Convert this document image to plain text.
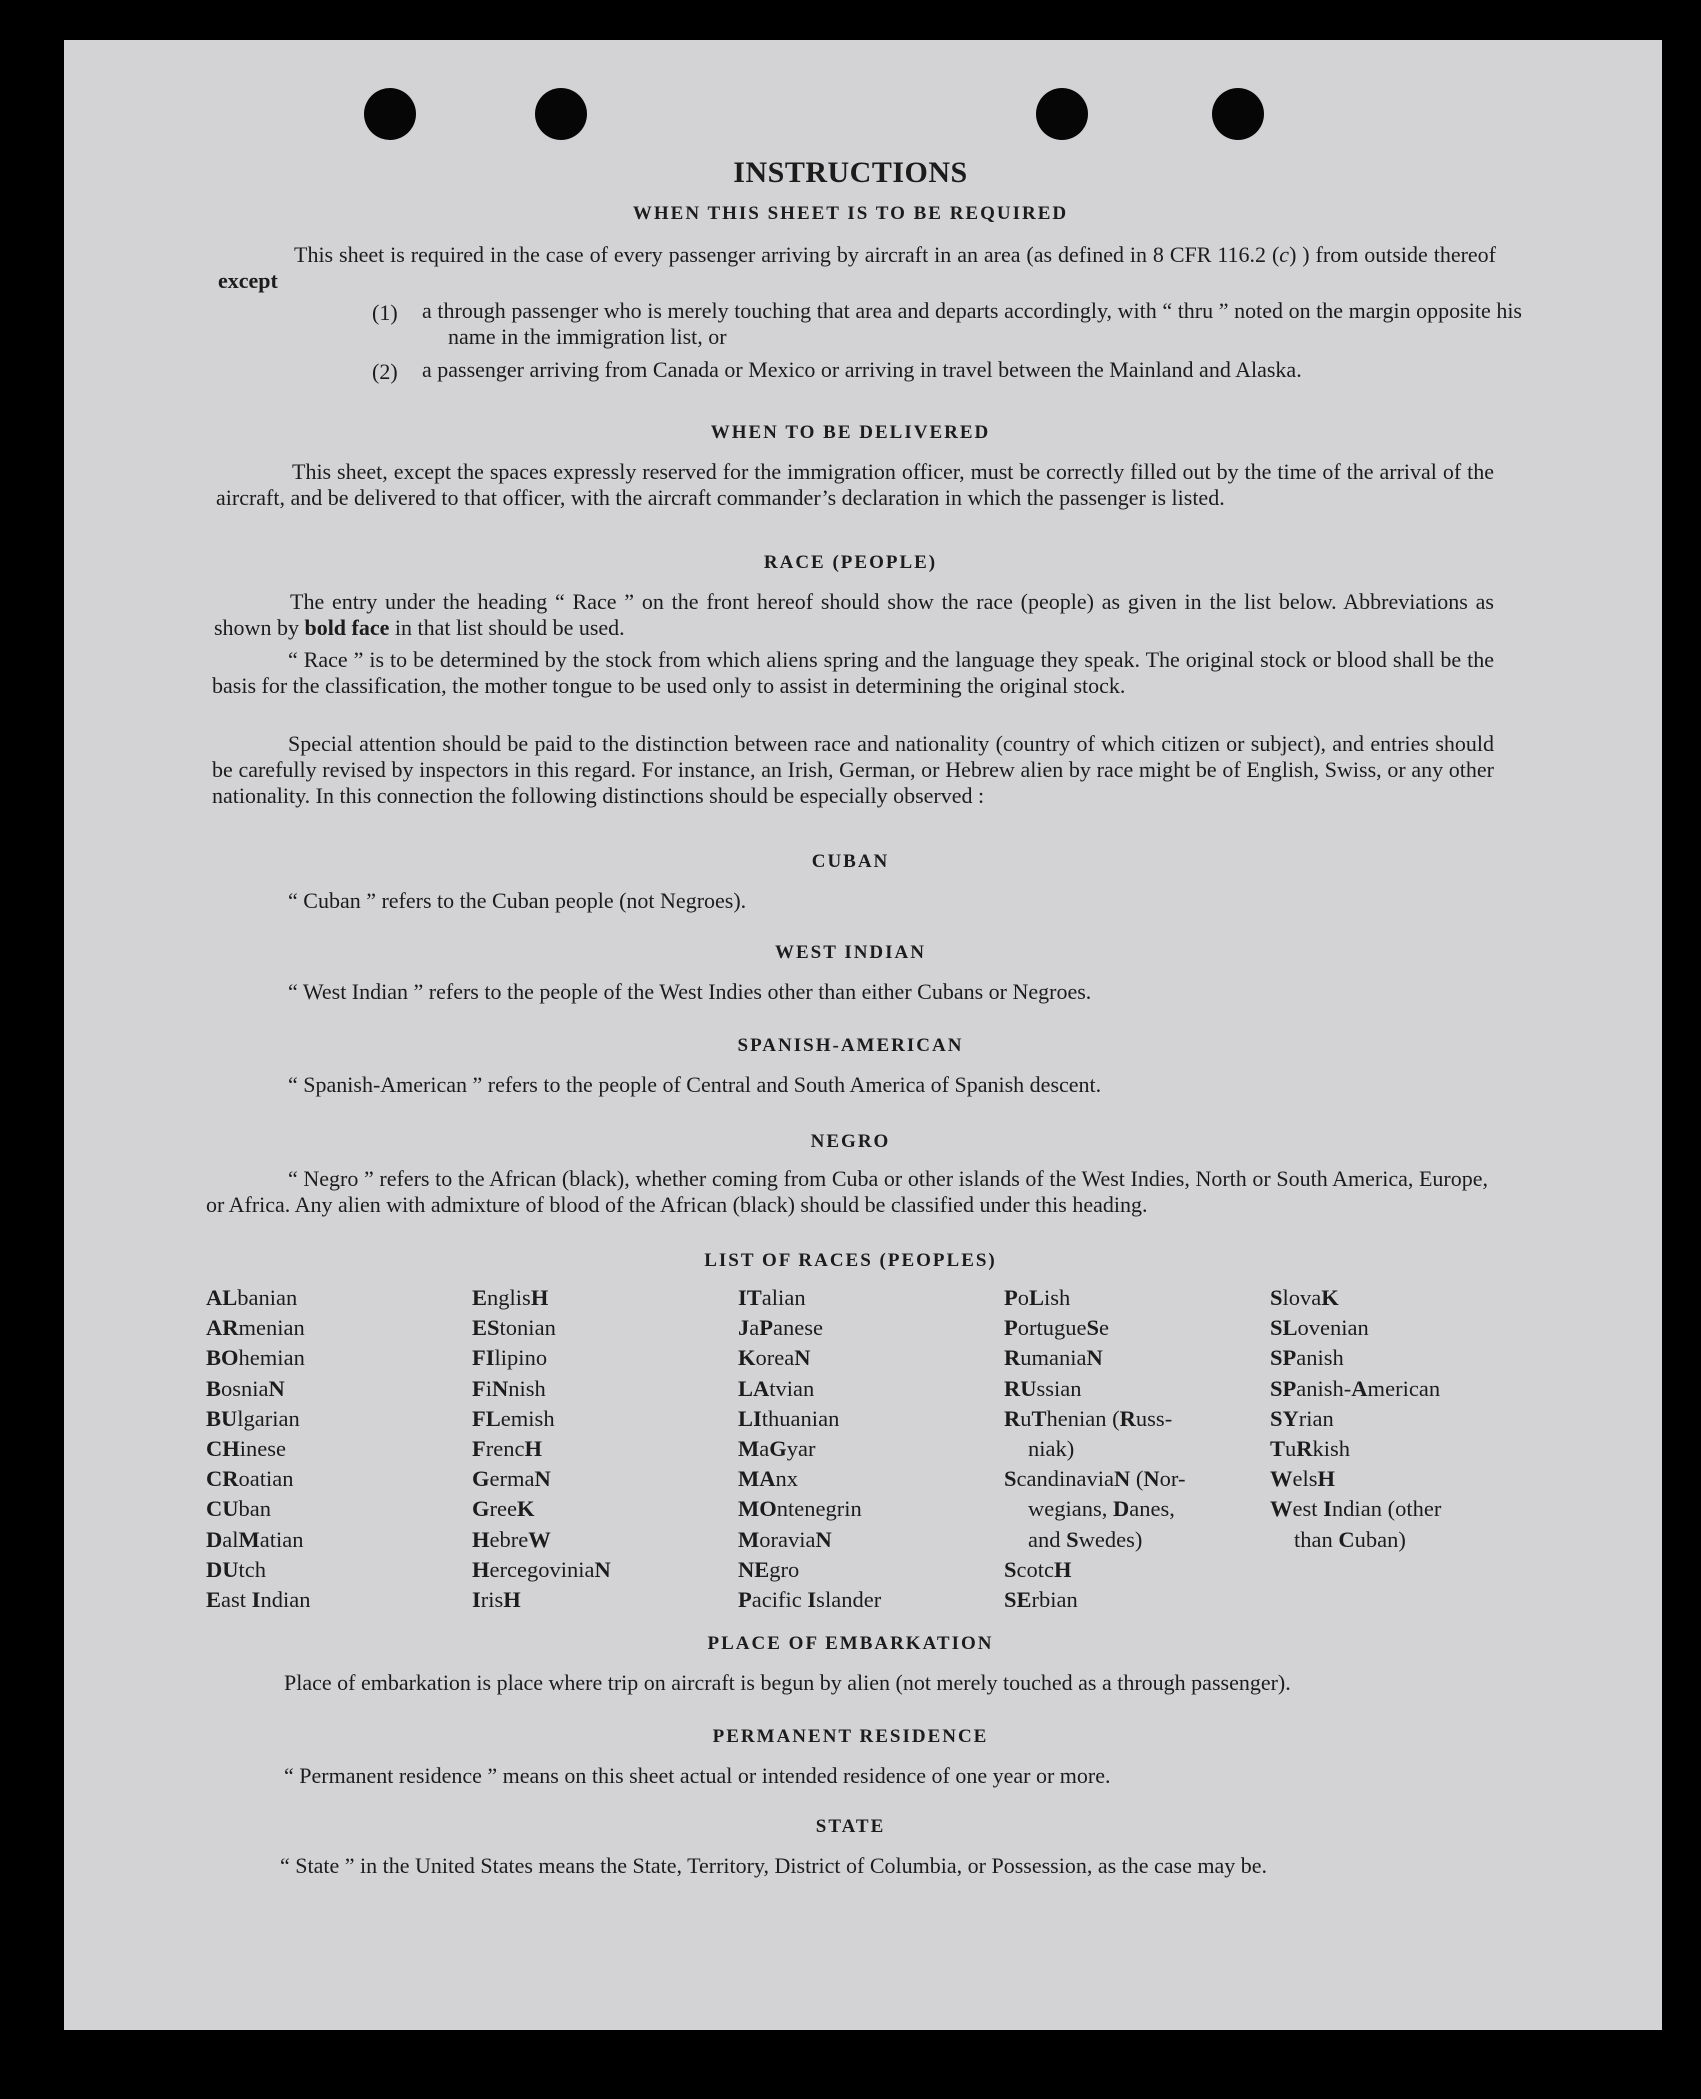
INSTRUCTIONS
WHEN THIS SHEET IS TO BE REQUIRED

This sheet is required in the case of every passenger arriving by aircraft in an area (as defined in 8 CFR 116.2 (c) ) from outside thereof except

(1) a through passenger who is merely touching that area and departs accordingly, with “ thru ” noted on the margin opposite his name in the immigration list, or

(2) a passenger arriving from Canada or Mexico or arriving in travel between the Mainland and Alaska.

WHEN TO BE DELIVERED

This sheet, except the spaces expressly reserved for the immigration officer, must be correctly filled out by the time of the arrival of the aircraft, and be delivered to that officer, with the aircraft commander’s declaration in which the passenger is listed.

RACE (PEOPLE)

The entry under the heading “ Race ” on the front hereof should show the race (people) as given in the list below. Abbreviations as shown by bold face in that list should be used.

“ Race ” is to be determined by the stock from which aliens spring and the language they speak. The original stock or blood shall be the basis for the classification, the mother tongue to be used only to assist in determining the original stock.

Special attention should be paid to the distinction between race and nationality (country of which citizen or subject), and entries should be carefully revised by inspectors in this regard. For instance, an Irish, German, or Hebrew alien by race might be of English, Swiss, or any other nationality. In this connection the following distinctions should be especially observed :

CUBAN

“ Cuban ” refers to the Cuban people (not Negroes).

WEST INDIAN

“ West Indian ” refers to the people of the West Indies other than either Cubans or Negroes.

SPANISH-AMERICAN

“ Spanish-American ” refers to the people of Central and South America of Spanish descent.

NEGRO

“ Negro ” refers to the African (black), whether coming from Cuba or other islands of the West Indies, North or South America, Europe, or Africa. Any alien with admixture of blood of the African (black) should be classified under this heading.

LIST OF RACES (PEOPLES)
ALbanian
ARmenian
BOhemian
BosniaN
BUlgarian
CHinese
CRoatian
CUban
DalMatian
DUtch
East Indian
EnglisH
EStonian
FIlipino
FiNnish
FLemish
FrencH
GermaN
GreeK
HebreW
HercegoviniaN
IrisH
ITalian
JaPanese
KoreaN
LAtvian
LIthuanian
MaGyar
MAnx
MOntenegrin
MoraviaN
NEgro
Pacific Islander
PoLish
PortugueSe
RumaniaN
RUssian
RuThenian (Russ-
niak)
ScandinaviaN (Nor-
wegians, Danes,
and Swedes)
ScotcH
SErbian
SlovaK
SLovenian
SPanish
SPanish-American
SYrian
TuRkish
WelsH
West Indian (other
than Cuban)
PLACE OF EMBARKATION

Place of embarkation is place where trip on aircraft is begun by alien (not merely touched as a through passenger).

PERMANENT RESIDENCE

“ Permanent residence ” means on this sheet actual or intended residence of one year or more.

STATE

“ State ” in the United States means the State, Territory, District of Columbia, or Possession, as the case may be.
